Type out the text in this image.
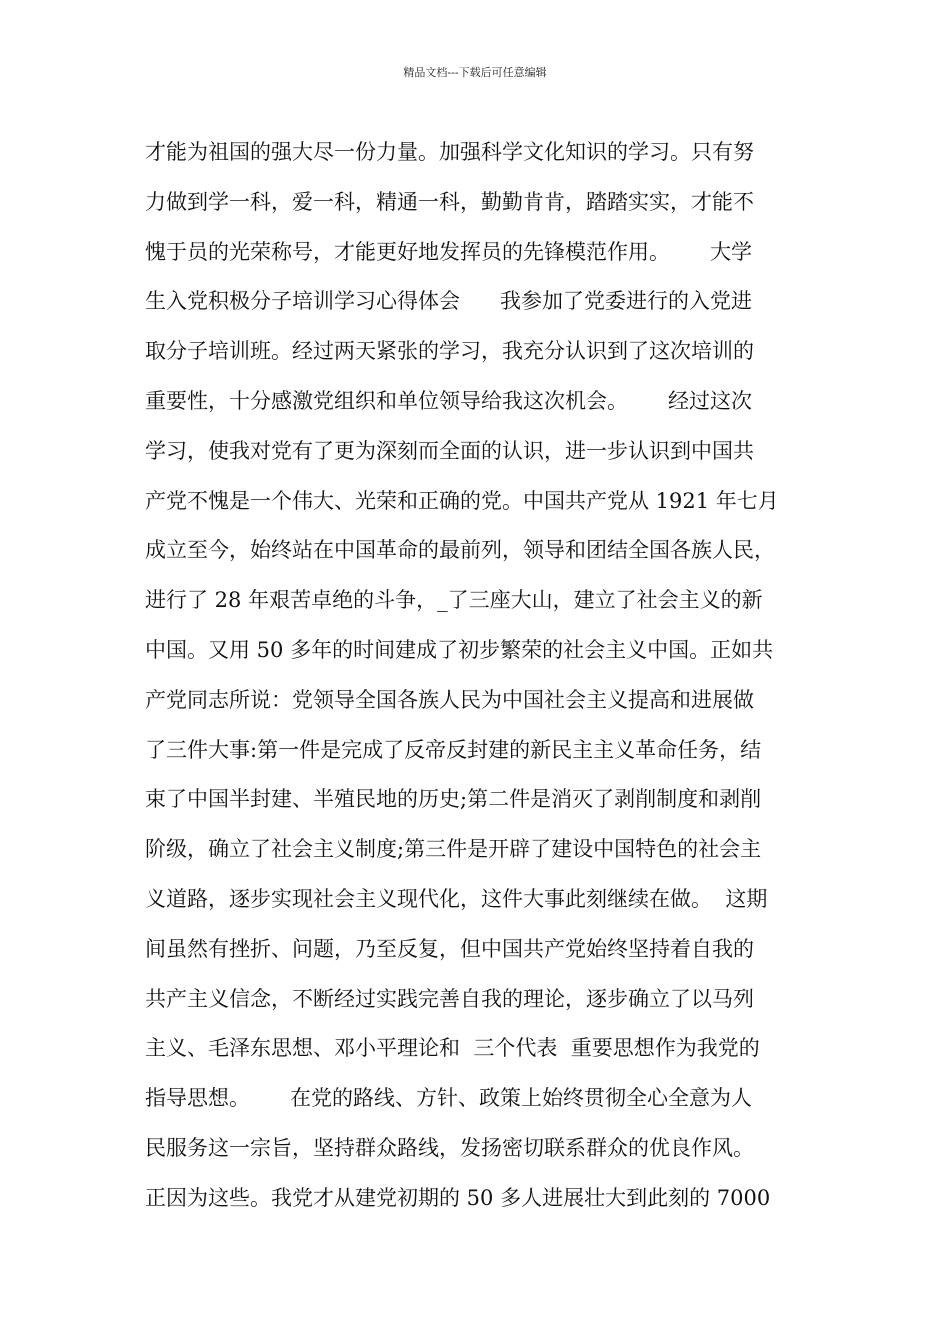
精品文档---下载后可任意编辑
才能为祖国的强大尽一份力量。加强科学文化知识的学习。只有努
力做到学一科，爱一科，精通一科，勤勤肯肯，踏踏实实，才能不
愧于员的光荣称号，才能更好地发挥员的先锋模范作用。      大学
生入党积极分子培训学习心得体会      我参加了党委进行的入党进
取分子培训班。经过两天紧张的学习，我充分认识到了这次培训的
重要性，十分感激党组织和单位领导给我这次机会。      经过这次
学习，使我对党有了更为深刻而全面的认识，进一步认识到中国共
产党不愧是一个伟大、光荣和正确的党。中国共产党从 1921 年七月
成立至今，始终站在中国革命的最前列，领导和团结全国各族人民，
进行了 28 年艰苦卓绝的斗争，_了三座大山，建立了社会主义的新
中国。又用 50 多年的时间建成了初步繁荣的社会主义中国。正如共
产党同志所说：党领导全国各族人民为中国社会主义提高和进展做
了三件大事:第一件是完成了反帝反封建的新民主主义革命任务，结
束了中国半封建、半殖民地的历史;第二件是消灭了剥削制度和剥削
阶级，确立了社会主义制度;第三件是开辟了建设中国特色的社会主
义道路，逐步实现社会主义现代化，这件大事此刻继续在做。  这期
间虽然有挫折、问题，乃至反复，但中国共产党始终坚持着自我的
共产主义信念，不断经过实践完善自我的理论，逐步确立了以马列
主义、毛泽东思想、邓小平理论和  三个代表  重要思想作为我党的
指导思想。      在党的路线、方针、政策上始终贯彻全心全意为人
民服务这一宗旨，坚持群众路线，发扬密切联系群众的优良作风。
正因为这些。我党才从建党初期的 50 多人进展壮大到此刻的 7000
